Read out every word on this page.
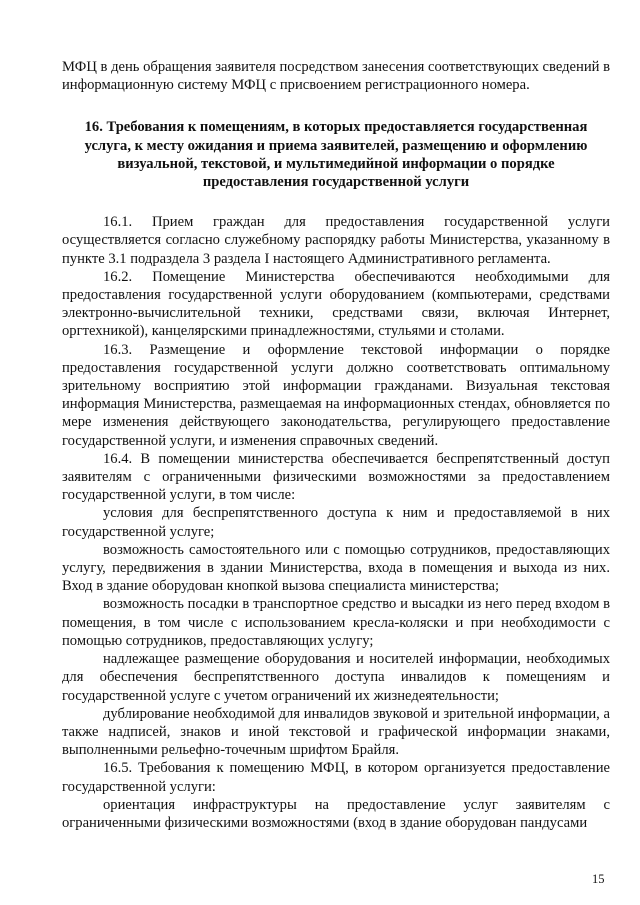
МФЦ в день обращения заявителя посредством занесения соответствующих сведений в информационную систему МФЦ с присвоением регистрационного номера.

16. Требования к помещениям, в которых предоставляется государственная услуга, к месту ожидания и приема заявителей, размещению и оформлению визуальной, текстовой, и мультимедийной информации о порядке предоставления государственной услуги

16.1. Прием граждан для предоставления государственной услуги осуществляется согласно служебному распорядку работы Министерства, указанному в пункте 3.1 подраздела 3 раздела I настоящего Административного регламента.

16.2. Помещение Министерства обеспечиваются необходимыми для предоставления государственной услуги оборудованием (компьютерами, средствами электронно-вычислительной техники, средствами связи, включая Интернет, оргтехникой), канцелярскими принадлежностями, стульями и столами.

16.3. Размещение и оформление текстовой информации о порядке предоставления государственной услуги должно соответствовать оптимальному зрительному восприятию этой информации гражданами. Визуальная текстовая информация Министерства, размещаемая на информационных стендах, обновляется по мере изменения действующего законодательства, регулирующего предоставление государственной услуги, и изменения справочных сведений.

16.4. В помещении министерства обеспечивается беспрепятственный доступ заявителям с ограниченными физическими возможностями за предоставлением государственной услуги, в том числе:

условия для беспрепятственного доступа к ним и предоставляемой в них государственной услуге;

возможность самостоятельного или с помощью сотрудников, предоставляющих услугу, передвижения в здании Министерства, входа в помещения и выхода из них. Вход в здание оборудован кнопкой вызова специалиста министерства;

возможность посадки в транспортное средство и высадки из него перед входом в помещения, в том числе с использованием кресла-коляски и при необходимости с помощью сотрудников, предоставляющих услугу;

надлежащее размещение оборудования и носителей информации, необходимых для обеспечения беспрепятственного доступа инвалидов к помещениям и государственной услуге с учетом ограничений их жизнедеятельности;

дублирование необходимой для инвалидов звуковой и зрительной информации, а также надписей, знаков и иной текстовой и графической информации знаками, выполненными рельефно-точечным шрифтом Брайля.

16.5. Требования к помещению МФЦ, в котором организуется предоставление государственной услуги:

ориентация инфраструктуры на предоставление услуг заявителям с ограниченными физическими возможностями (вход в здание оборудован пандусами

15
